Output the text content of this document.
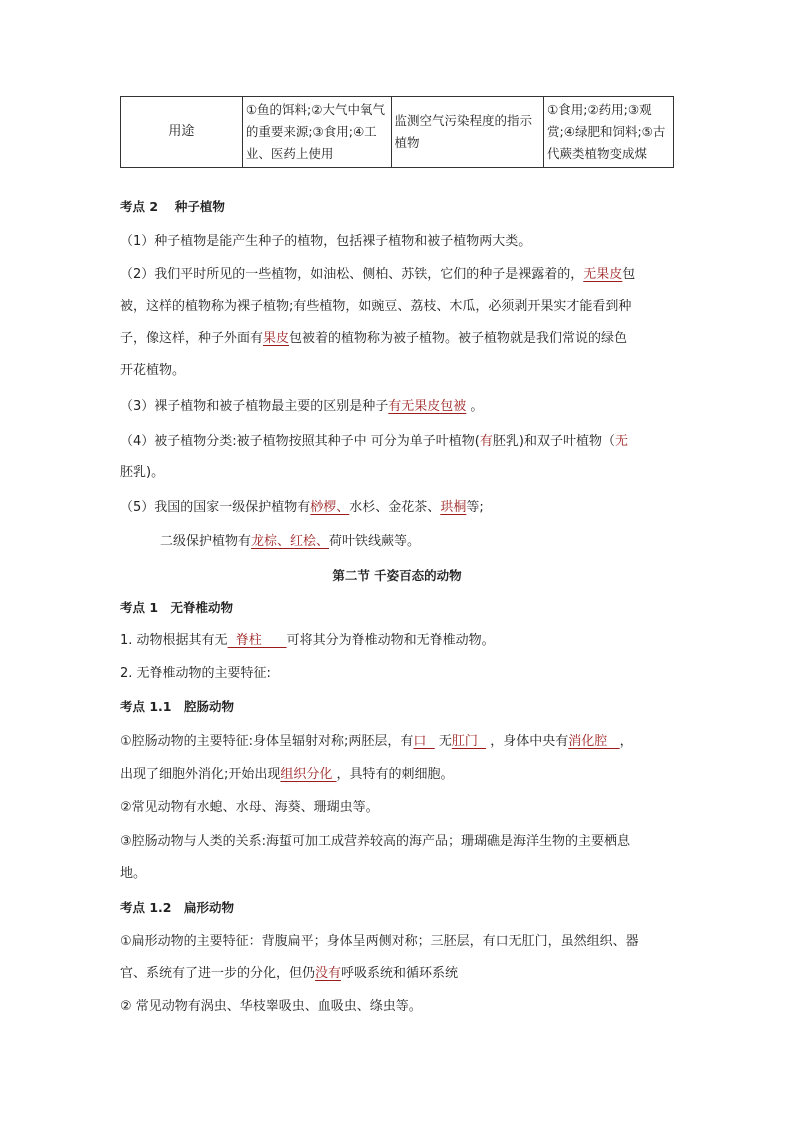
用途	①鱼的饵料;②大气中氧气的重要来源;③食用;④工业、医药上使用	监测空气污染程度的指示植物	①食用;②药用;③观赏;④绿肥和饲料;⑤古代蕨类植物变成煤
考点 2　 种子植物
（1）种子植物是能产生种子的植物，包括裸子植物和被子植物两大类。
（2）我们平时所见的一些植物，如油松、侧柏、苏铁，它们的种子是裸露着的，无果皮包
被，这样的植物称为裸子植物;有些植物，如豌豆、荔枝、木瓜，必须剥开果实才能看到种
子，像这样，种子外面有果皮包被着的植物称为被子植物。被子植物就是我们常说的绿色
开花植物。
（3）裸子植物和被子植物最主要的区别是种子有无果皮包被 。
（4）被子植物分类:被子植物按照其种子中 可分为单子叶植物(有胚乳)和双子叶植物（无
胚乳)。
（5）我国的国家一级保护植物有桫椤、水杉、金花茶、珙桐等;
二级保护植物有龙棕、红桧、荷叶铁线蕨等。
第二节 千姿百态的动物
考点 1　无脊椎动物
1. 动物根据其有无  脊柱      可将其分为脊椎动物和无脊椎动物。
2. 无脊椎动物的主要特征:
考点 1.1　腔肠动物
①腔肠动物的主要特征:身体呈辐射对称;两胚层，有口   无肛门   ，身体中央有消化腔   ，
出现了细胞外消化;开始出现组织分化 ，具特有的刺细胞。
②常见动物有水螅、水母、海葵、珊瑚虫等。
③腔肠动物与人类的关系:海蜇可加工成营养较高的海产品；珊瑚礁是海洋生物的主要栖息
地。
考点 1.2　扁形动物
①扁形动物的主要特征：背腹扁平；身体呈两侧对称；三胚层，有口无肛门，虽然组织、器
官、系统有了进一步的分化，但仍没有呼吸系统和循环系统
② 常见动物有涡虫、华枝睾吸虫、血吸虫、绦虫等。
